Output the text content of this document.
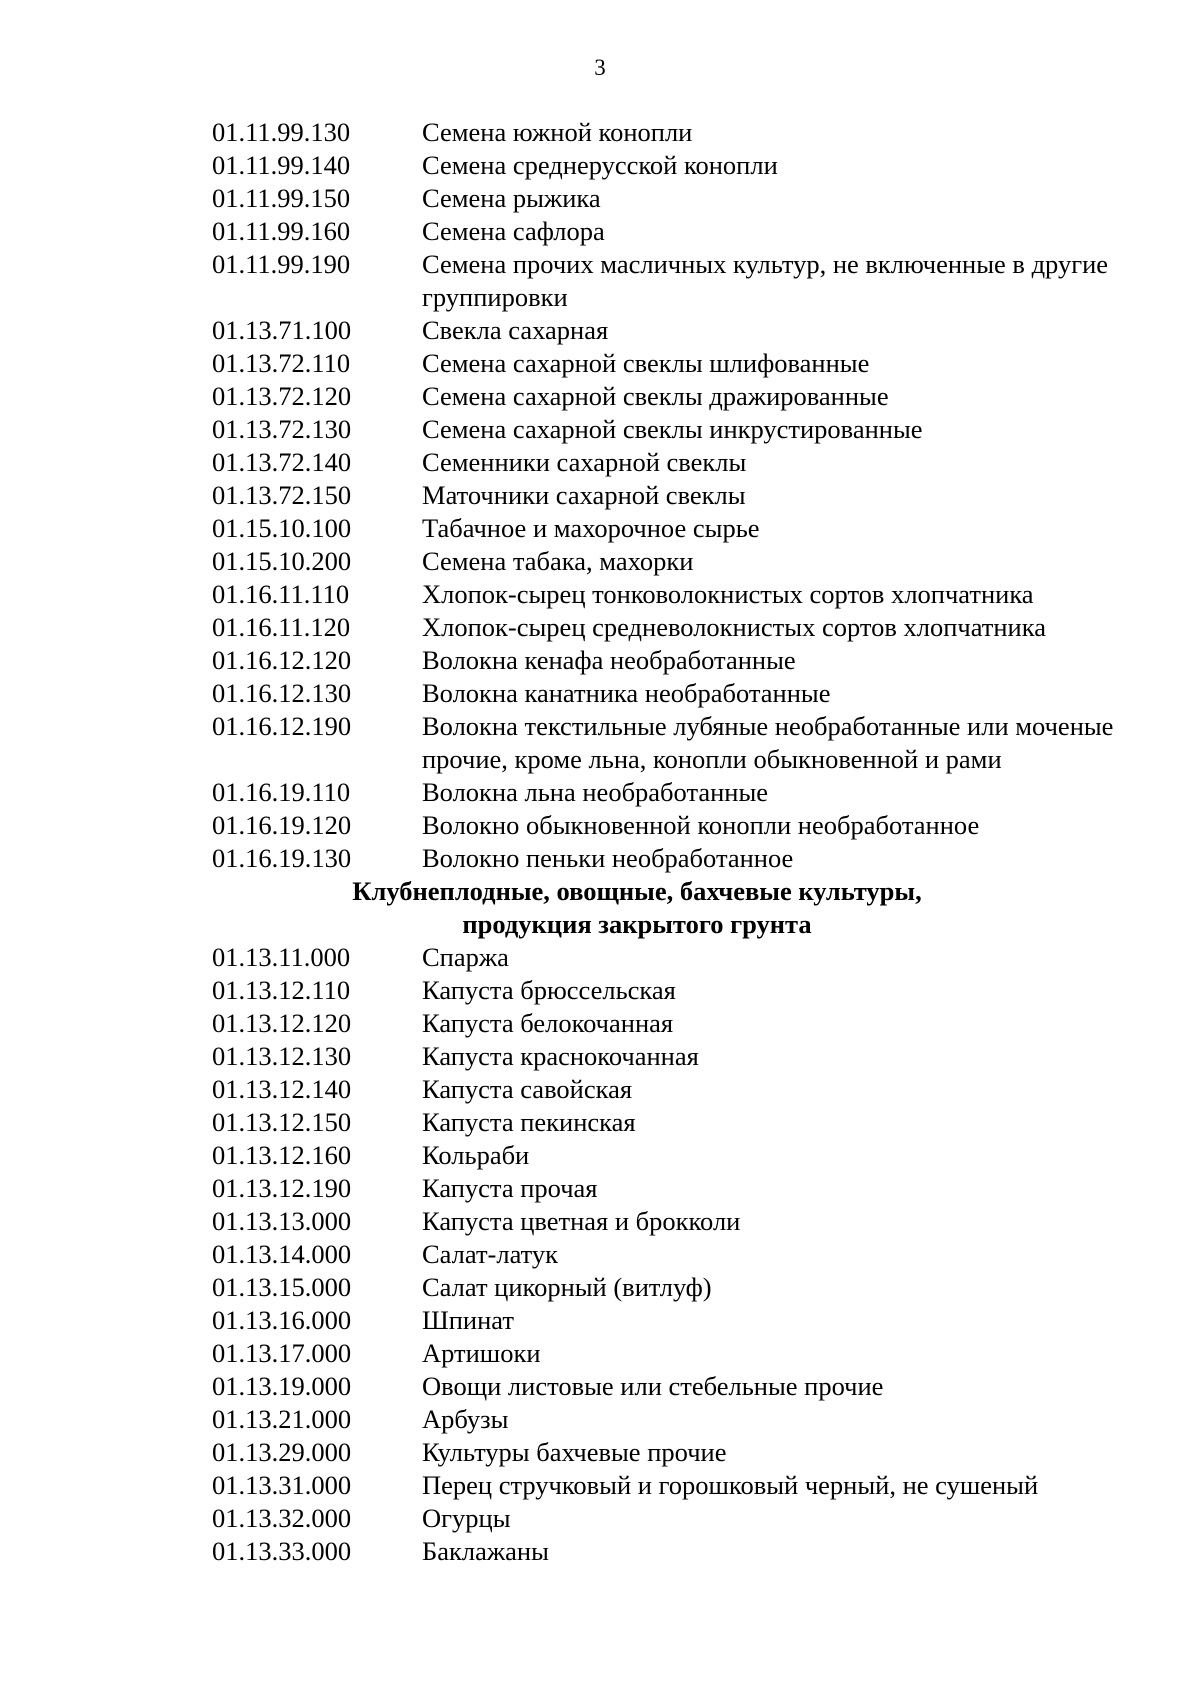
3
01.11.99.130	Семена южной конопли
01.11.99.140	Семена среднерусской конопли
01.11.99.150	Семена рыжика
01.11.99.160	Семена сафлора
01.11.99.190	Семена прочих масличных культур, не включенные в другие группировки
01.13.71.100	Свекла сахарная
01.13.72.110	Семена сахарной свеклы шлифованные
01.13.72.120	Семена сахарной свеклы дражированные
01.13.72.130	Семена сахарной свеклы инкрустированные
01.13.72.140	Семенники сахарной свеклы
01.13.72.150	Маточники сахарной свеклы
01.15.10.100	Табачное и махорочное сырье
01.15.10.200	Семена табака, махорки
01.16.11.110	Хлопок-сырец тонковолокнистых сортов хлопчатника
01.16.11.120	Хлопок-сырец средневолокнистых сортов хлопчатника
01.16.12.120	Волокна кенафа необработанные
01.16.12.130	Волокна канатника необработанные
01.16.12.190	Волокна текстильные лубяные необработанные или моченые прочие, кроме льна, конопли обыкновенной и рами
01.16.19.110	Волокна льна необработанные
01.16.19.120	Волокно обыкновенной конопли необработанное
01.16.19.130	Волокно пеньки необработанное
Клубнеплодные, овощные, бахчевые культуры,
продукция закрытого грунта
01.13.11.000	Спаржа
01.13.12.110	Капуста брюссельская
01.13.12.120	Капуста белокочанная
01.13.12.130	Капуста краснокочанная
01.13.12.140	Капуста савойская
01.13.12.150	Капуста пекинская
01.13.12.160	Кольраби
01.13.12.190	Капуста прочая
01.13.13.000	Капуста цветная и брокколи
01.13.14.000	Салат-латук
01.13.15.000	Салат цикорный (витлуф)
01.13.16.000	Шпинат
01.13.17.000	Артишоки
01.13.19.000	Овощи листовые или стебельные прочие
01.13.21.000	Арбузы
01.13.29.000	Культуры бахчевые прочие
01.13.31.000	Перец стручковый и горошковый черный, не сушеный
01.13.32.000	Огурцы
01.13.33.000	Баклажаны
